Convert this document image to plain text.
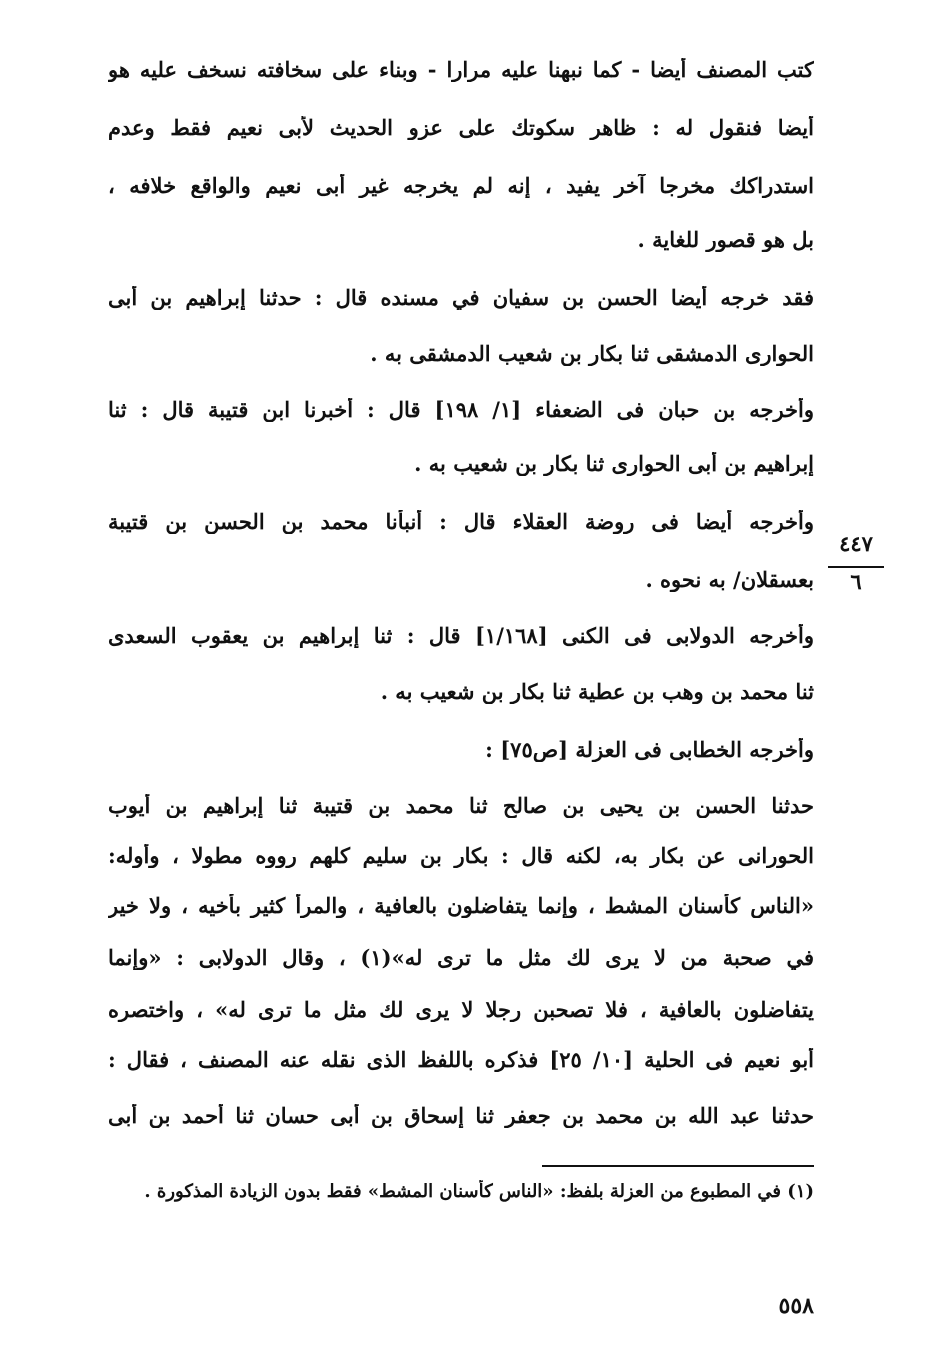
كتب المصنف أيضا - كما نبهنا عليه مرارا - وبناء على سخافته نسخف عليه هو
أيضا فنقول له : ظاهر سكوتك على عزو الحديث لأبى نعيم فقط وعدم
استدراكك مخرجا آخر يفيد ، إنه لم يخرجه غير أبى نعيم والواقع خلافه ،
بل هو قصور للغاية .
فقد خرجه أيضا الحسن بن سفيان في مسنده قال : حدثنا إبراهيم بن أبى
الحوارى الدمشقى ثنا بكار بن شعيب الدمشقى به .
وأخرجه بن حبان فى الضعفاء [١/ ١٩٨] قال : أخبرنا ابن قتيبة قال : ثنا
إبراهيم بن أبى الحوارى ثنا بكار بن شعيب به .
وأخرجه أيضا فى روضة العقلاء قال : أنبأنا محمد بن الحسن بن قتيبة
بعسقلان/ به نحوه .
وأخرجه الدولابى فى الكنى [١/١٦٨] قال : ثنا إبراهيم بن يعقوب السعدى
ثنا محمد بن وهب بن عطية ثنا بكار بن شعيب به .
وأخرجه الخطابى فى العزلة [ص٧٥] :
حدثنا الحسن بن يحيى بن صالح ثنا محمد بن قتيبة ثنا إبراهيم بن أيوب
الحورانى عن بكار به، لكنه قال : بكار بن سليم كلهم رووه مطولا ، وأوله:
«الناس كأسنان المشط ، وإنما يتفاضلون بالعافية ، والمرأ كثير بأخيه ، ولا خير
في صحبة من لا يرى لك مثل ما ترى له»(١) ، وقال الدولابى : «وإنما
يتفاضلون بالعافية ، فلا تصحبن رجلا لا يرى لك مثل ما ترى له» ، واختصره
أبو نعيم فى الحلية [١٠/ ٢٥] فذكره باللفظ الذى نقله عنه المصنف ، فقال :
حدثنا عبد الله بن محمد بن جعفر ثنا إسحاق بن أبى حسان ثنا أحمد بن أبى
٤٤٧
٦
(١) في المطبوع من العزلة بلفظ: «الناس كأسنان المشط» فقط بدون الزيادة المذكورة .
٥٥٨
